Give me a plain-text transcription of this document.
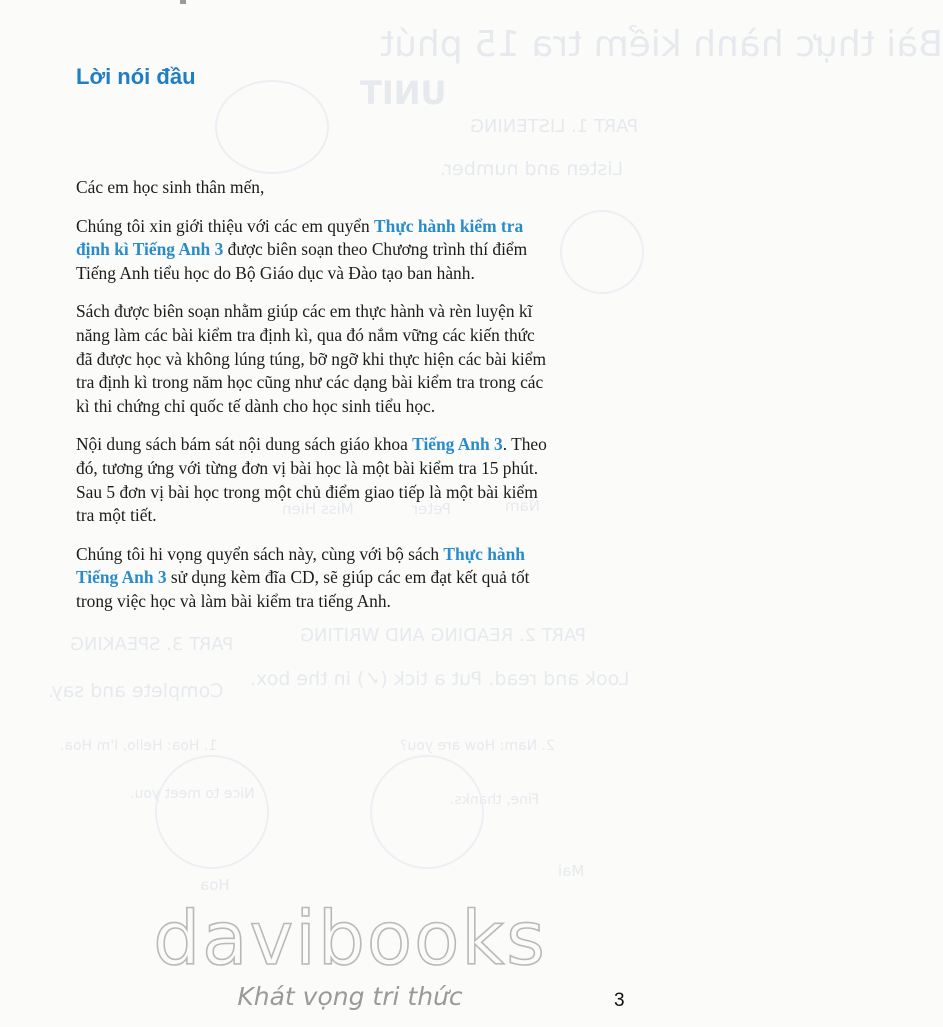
Bài thực hành kiểm tra 15 phút
UNIT
PART 1. LISTENING
Listen and number.
Nam
Peter
Miss Hien
PART 2. READING AND WRITING
PART 3. SPEAKING
Look and read. Put a tick (✓) in the box.
Complete and say.
2. Nam: How are you?
1. Hoa: Hello, I'm Hoa.
Nice to meet you.	Fine, thanks.
Mai
Hoa
Lời nói đầu
Các em học sinh thân mến,
Chúng tôi xin giới thiệu với các em quyển Thực hành kiểm tra
định kì Tiếng Anh 3 được biên soạn theo Chương trình thí điểm
Tiếng Anh tiểu học do Bộ Giáo dục và Đào tạo ban hành.
Sách được biên soạn nhằm giúp các em thực hành và rèn luyện kĩ
năng làm các bài kiểm tra định kì, qua đó nắm vững các kiến thức
đã được học và không lúng túng, bỡ ngỡ khi thực hiện các bài kiểm
tra định kì trong năm học cũng như các dạng bài kiểm tra trong các
kì thi chứng chỉ quốc tế dành cho học sinh tiểu học.
Nội dung sách bám sát nội dung sách giáo khoa Tiếng Anh 3. Theo
đó, tương ứng với từng đơn vị bài học là một bài kiểm tra 15 phút.
Sau 5 đơn vị bài học trong một chủ điểm giao tiếp là một bài kiểm
tra một tiết.
Chúng tôi hi vọng quyển sách này, cùng với bộ sách Thực hành
Tiếng Anh 3 sử dụng kèm đĩa CD, sẽ giúp các em đạt kết quả tốt
trong việc học và làm bài kiểm tra tiếng Anh.
davibooks
Khát vọng tri thức	3
